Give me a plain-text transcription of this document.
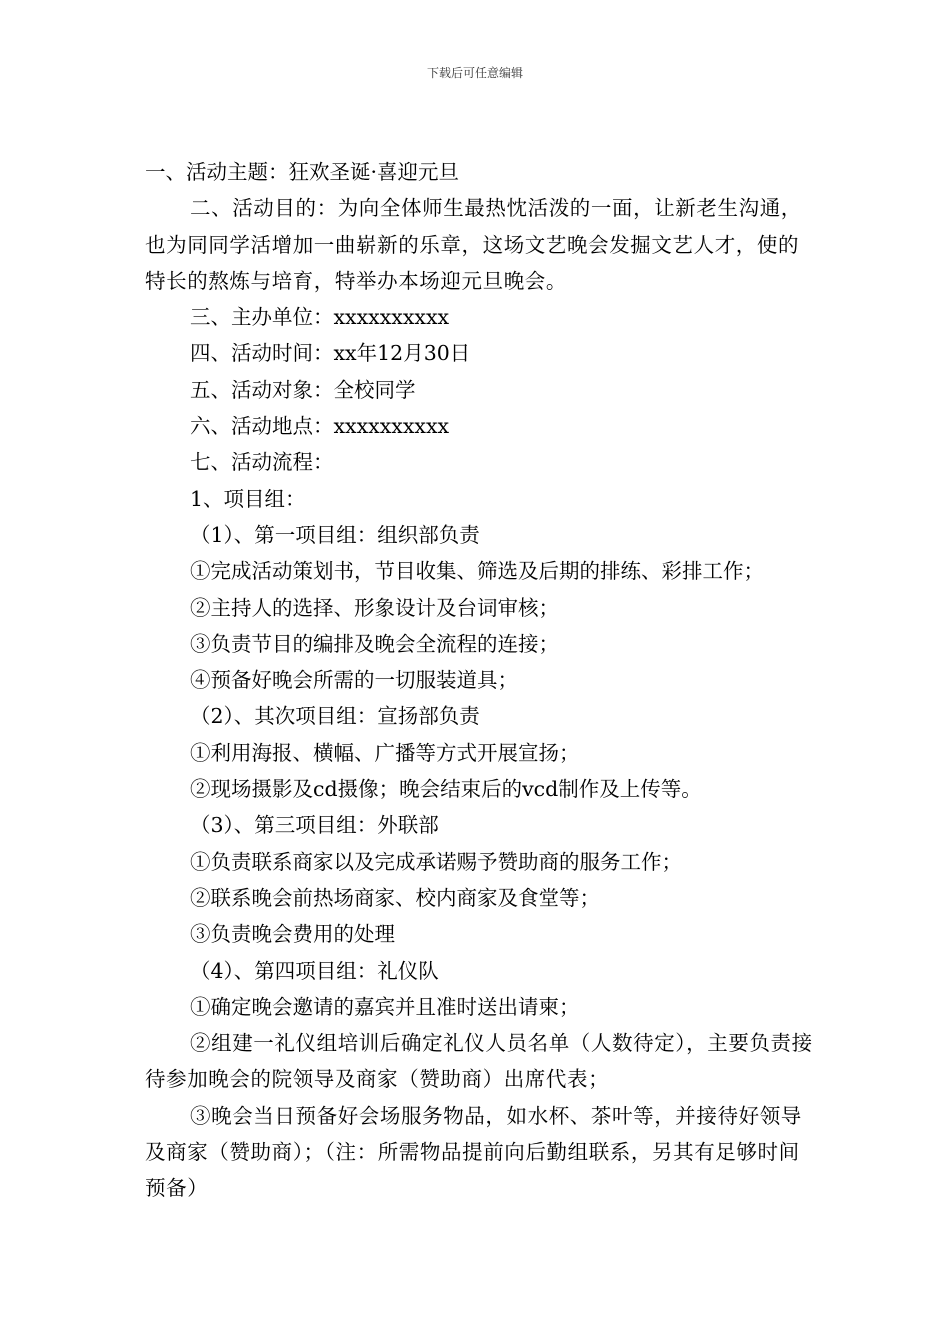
下载后可任意编辑

一、活动主题：狂欢圣诞·喜迎元旦

二、活动目的：为向全体师生最热忱活泼的一面，让新老生沟通，也为同同学活增加一曲崭新的乐章，这场文艺晚会发掘文艺人才，使的特长的熬炼与培育，特举办本场迎元旦晚会。

三、主办单位：xxxxxxxxxx

四、活动时间：xx年12月30日

五、活动对象：全校同学

六、活动地点：xxxxxxxxxx

七、活动流程：

1、项目组：

（1）、第一项目组：组织部负责

①完成活动策划书，节目收集、筛选及后期的排练、彩排工作；

②主持人的选择、形象设计及台词审核；

③负责节目的编排及晚会全流程的连接；

④预备好晚会所需的一切服装道具；

（2）、其次项目组：宣扬部负责

①利用海报、横幅、广播等方式开展宣扬；

②现场摄影及cd摄像；晚会结束后的vcd制作及上传等。

（3）、第三项目组：外联部

①负责联系商家以及完成承诺赐予赞助商的服务工作；

②联系晚会前热场商家、校内商家及食堂等；

③负责晚会费用的处理

（4）、第四项目组：礼仪队

①确定晚会邀请的嘉宾并且准时送出请柬；

②组建一礼仪组培训后确定礼仪人员名单（人数待定），主要负责接待参加晚会的院领导及商家（赞助商）出席代表；

③晚会当日预备好会场服务物品，如水杯、茶叶等，并接待好领导及商家（赞助商）；（注：所需物品提前向后勤组联系，另其有足够时间预备）
